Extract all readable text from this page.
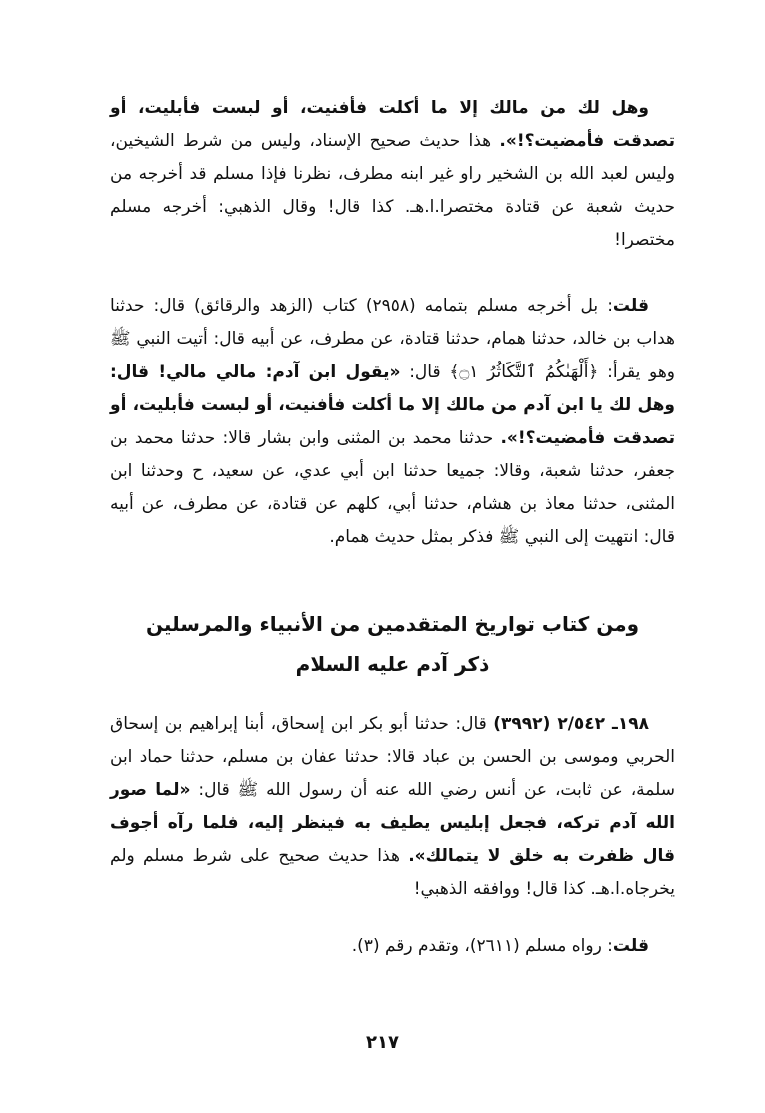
وهل لك من مالك إلا ما أكلت فأفنيت، أو لبست فأبليت، أو تصدقت فأمضيت؟!». هذا حديث صحيح الإسناد، وليس من شرط الشيخين، وليس لعبد الله بن الشخير راو غير ابنه مطرف، نظرنا فإذا مسلم قد أخرجه من حديث شعبة عن قتادة مختصرا.ا.هـ. كذا قال! وقال الذهبي: أخرجه مسلم مختصرا!

قلت: بل أخرجه مسلم بتمامه (٢٩٥٨) كتاب (الزهد والرقائق) قال: حدثنا هداب بن خالد، حدثنا همام، حدثنا قتادة، عن مطرف، عن أبيه قال: أتيت النبي ﷺ وهو يقرأ: ﴿أَلْهَىٰكُمُ ٱلتَّكَاثُرُ ۝١﴾ قال: «يقول ابن آدم: مالي مالي! قال: وهل لك يا ابن آدم من مالك إلا ما أكلت فأفنيت، أو لبست فأبليت، أو تصدقت فأمضيت؟!». حدثنا محمد بن المثنى وابن بشار قالا: حدثنا محمد بن جعفر، حدثنا شعبة، وقالا: جميعا حدثنا ابن أبي عدي، عن سعيد، ح وحدثنا ابن المثنى، حدثنا معاذ بن هشام، حدثنا أبي، كلهم عن قتادة، عن مطرف، عن أبيه قال: انتهيت إلى النبي ﷺ فذكر بمثل حديث همام.

ومن كتاب تواريخ المتقدمين من الأنبياء والمرسلين
ذكر آدم عليه السلام

١٩٨ـ ٢/٥٤٢ (٣٩٩٢) قال: حدثنا أبو بكر ابن إسحاق، أبنا إبراهيم بن إسحاق الحربي وموسى بن الحسن بن عباد قالا: حدثنا عفان بن مسلم، حدثنا حماد ابن سلمة، عن ثابت، عن أنس رضي الله عنه أن رسول الله ﷺ قال: «لما صور الله آدم تركه، فجعل إبليس يطيف به فينظر إليه، فلما رآه أجوف قال ظفرت به خلق لا يتمالك». هذا حديث صحيح على شرط مسلم ولم يخرجاه.ا.هـ. كذا قال! ووافقه الذهبي!

قلت: رواه مسلم (٢٦١١)، وتقدم رقم (٣).

٢١٧
